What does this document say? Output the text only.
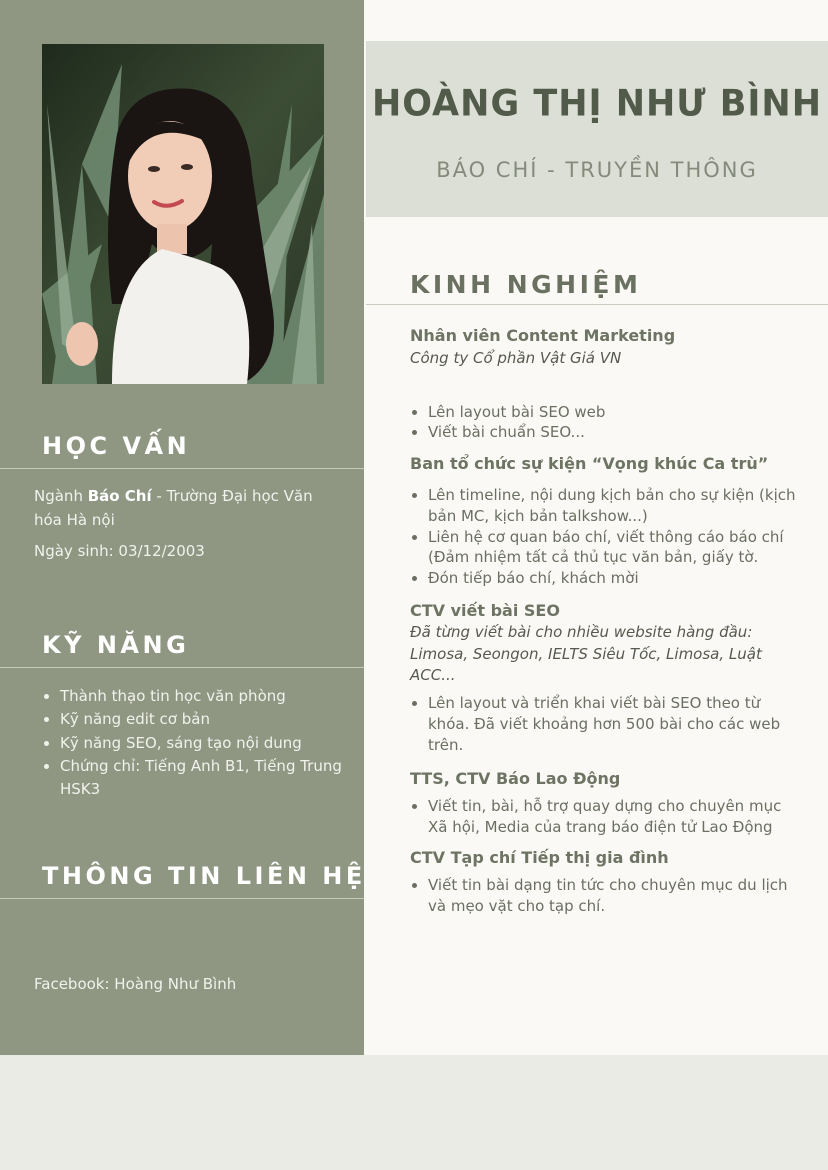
HOÀNG THỊ NHƯ BÌNH
BÁO CHÍ - TRUYỀN THÔNG
HỌC VẤN
Ngành Báo Chí - Trường Đại học Văn hóa Hà nội
Ngày sinh: 03/12/2003
KỸ NĂNG
• Thành thạo tin học văn phòng
• Kỹ năng edit cơ bản
• Kỹ năng SEO, sáng tạo nội dung
• Chứng chỉ: Tiếng Anh B1, Tiếng Trung HSK3
THÔNG TIN LIÊN HỆ
Facebook: Hoàng Như Bình
KINH NGHIỆM

Nhân viên Content Marketing

Công ty Cổ phần Vật Giá VN

• Lên layout bài SEO web
• Viết bài chuẩn SEO...

Ban tổ chức sự kiện “Vọng khúc Ca trù”

• Lên timeline, nội dung kịch bản cho sự kiện (kịch bản MC, kịch bản talkshow...)
• Liên hệ cơ quan báo chí, viết thông cáo báo chí (Đảm nhiệm tất cả thủ tục văn bản, giấy tờ.
• Đón tiếp báo chí, khách mời

CTV viết bài SEO

Đã từng viết bài cho nhiều website hàng đầu: Limosa, Seongon, IELTS Siêu Tốc, Limosa, Luật ACC...

• Lên layout và triển khai viết bài SEO theo từ khóa. Đã viết khoảng hơn 500 bài cho các web trên.

TTS, CTV Báo Lao Động

• Viết tin, bài, hỗ trợ quay dựng cho chuyên mục Xã hội, Media của trang báo điện tử Lao Động

CTV Tạp chí Tiếp thị gia đình

• Viết tin bài dạng tin tức cho chuyên mục du lịch và mẹo vặt cho tạp chí.
